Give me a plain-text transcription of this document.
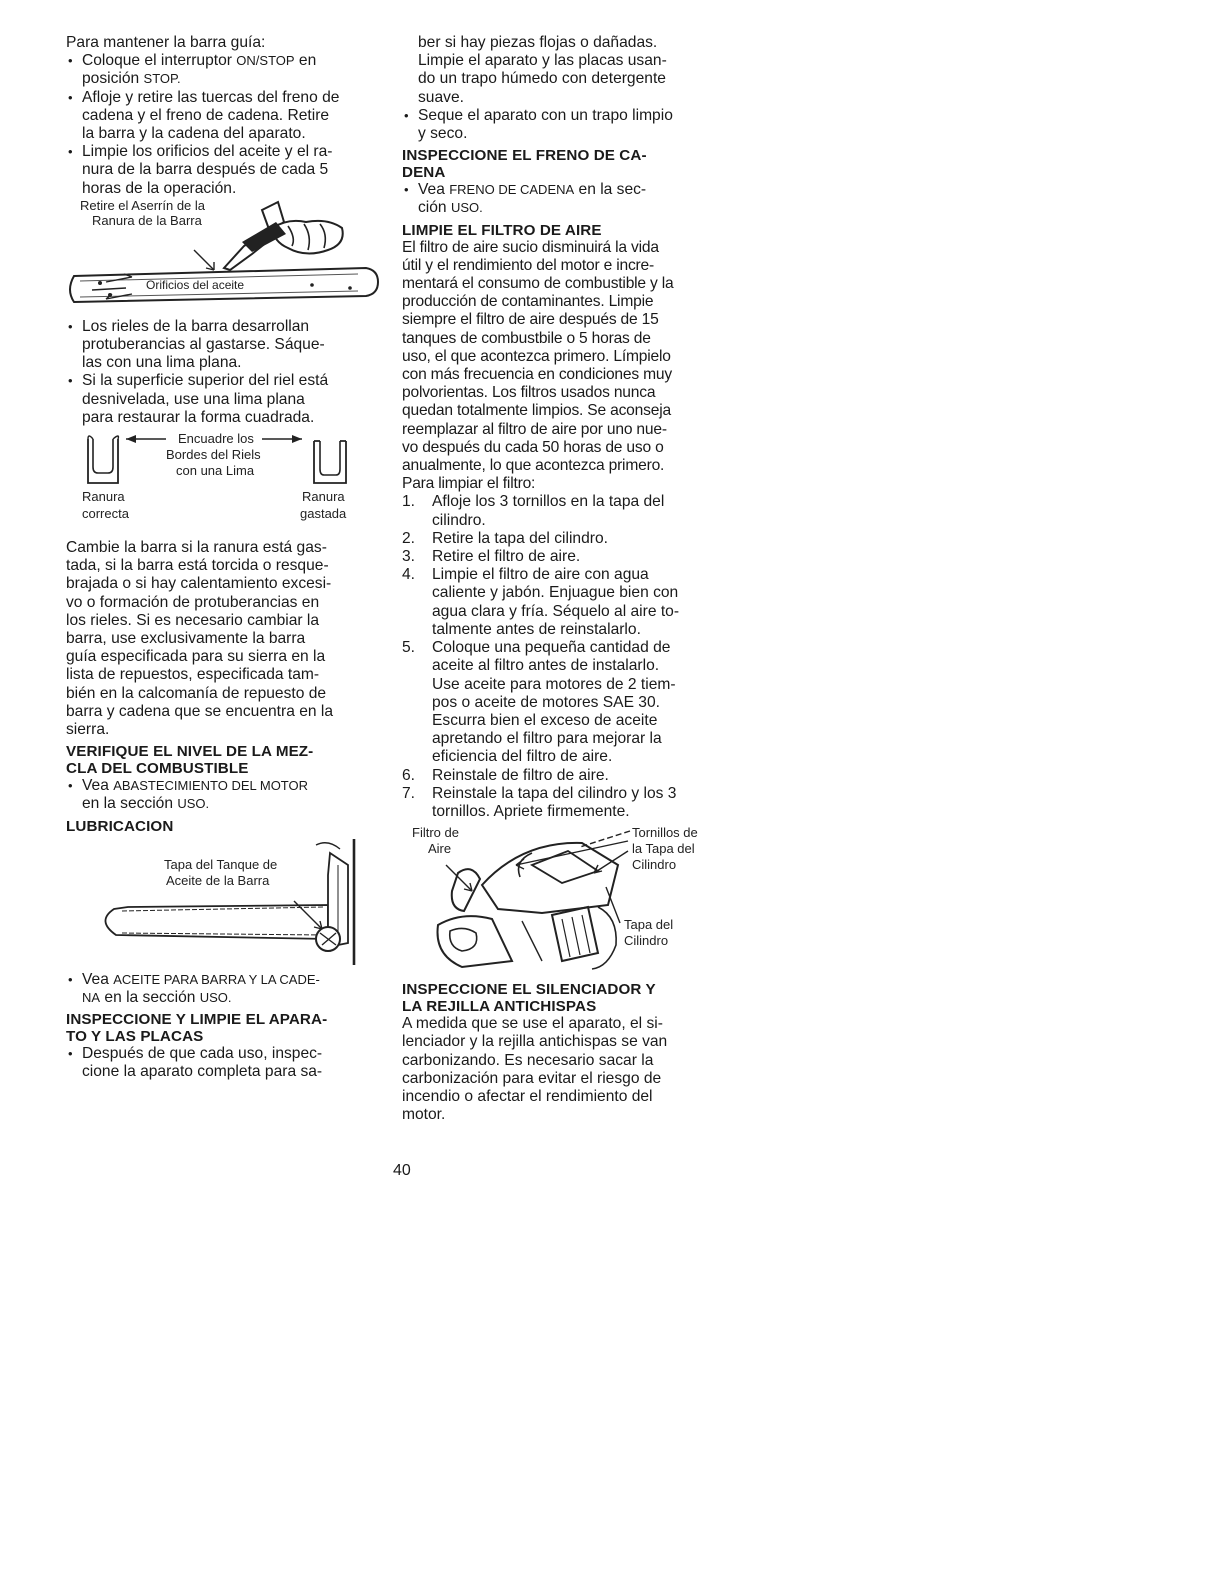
Para mantener la barra guía:

• Coloque el interruptor ON/STOP en
posición STOP.
• Afloje y retire las tuercas del freno de
cadena y el freno de cadena. Retire
la barra y la cadena del aparato.
• Limpie los orificios del aceite y el ra-
nura de la barra después de cada 5
horas de la operación.
Retire el Aserrín de la
Ranura de la Barra
Orificios del aceite
• Los rieles de la barra desarrollan
protuberancias al gastarse. Sáque-
las con una lima plana.
• Si la superficie superior del riel está
desnivelada, use una lima plana
para restaurar la forma cuadrada.
Encuadre los
Bordes del Riels
con una Lima
Ranura
correcta
Ranura
gastada
Cambie la barra si la ranura está gas-
tada, si la barra está torcida o resque-
brajada o si hay calentamiento excesi-
vo o formación de protuberancias en
los rieles. Si es necesario cambiar la
barra, use exclusivamente la barra
guía especificada para su sierra en la
lista de repuestos, especificada tam-
bién en la calcomanía de repuesto de
barra y cadena que se encuentra en la
sierra.
VERIFIQUE EL NIVEL DE LA MEZ-
CLA DEL COMBUSTIBLE
• Vea ABASTECIMIENTO DEL MOTOR
en la sección USO.
LUBRICACION
Tapa del Tanque de
Aceite de la Barra
• Vea ACEITE PARA BARRA Y LA CADE-
NA en la sección USO.
INSPECCIONE Y LIMPIE EL APARA-
TO Y LAS PLACAS
• Después de que cada uso, inspec-
cione la aparato completa para sa-
ber si hay piezas flojas o dañadas.
Limpie el aparato y las placas usan-
do un trapo húmedo con detergente
suave.
• Seque el aparato con un trapo limpio
y seco.
INSPECCIONE EL FRENO DE CA-
DENA
• Vea FRENO DE CADENA en la sec-
ción USO.
LIMPIE EL FILTRO DE AIRE
El filtro de aire sucio disminuirá la vida
útil y el rendimiento del motor e incre-
mentará el consumo de combustible y la
producción de contaminantes. Limpie
siempre el filtro de aire después de 15
tanques de combustbile o 5 horas de
uso, el que acontezca primero. Límpielo
con más frecuencia en condiciones muy
polvorientas. Los filtros usados nunca
quedan totalmente limpios. Se aconseja
reemplazar al filtro de aire por uno nue-
vo después du cada 50 horas de uso o
anualmente, lo que acontezca primero.
Para limpiar el filtro:
1. Afloje los 3 tornillos en la tapa del
cilindro.
2. Retire la tapa del cilindro.
3. Retire el filtro de aire.
4. Limpie el filtro de aire con agua
caliente y jabón. Enjuague bien con
agua clara y fría. Séquelo al aire to-
talmente antes de reinstalarlo.
5. Coloque una pequeña cantidad de
aceite al filtro antes de instalarlo.
Use aceite para motores de 2 tiem-
pos o aceite de motores SAE 30.
Escurra bien el exceso de aceite
apretando el filtro para mejorar la
eficiencia del filtro de aire.
6. Reinstale de filtro de aire.
7. Reinstale la tapa del cilindro y los 3
tornillos. Apriete firmemente.
Filtro de
Aire
Tornillos de
la Tapa del
Cilindro
Tapa del
Cilindro
INSPECCIONE EL SILENCIADOR Y
LA REJILLA ANTICHISPAS
A medida que se use el aparato, el si-
lenciador y la rejilla antichispas se van
carbonizando. Es necesario sacar la
carbonización para evitar el riesgo de
incendio o afectar el rendimiento del
motor.
40
